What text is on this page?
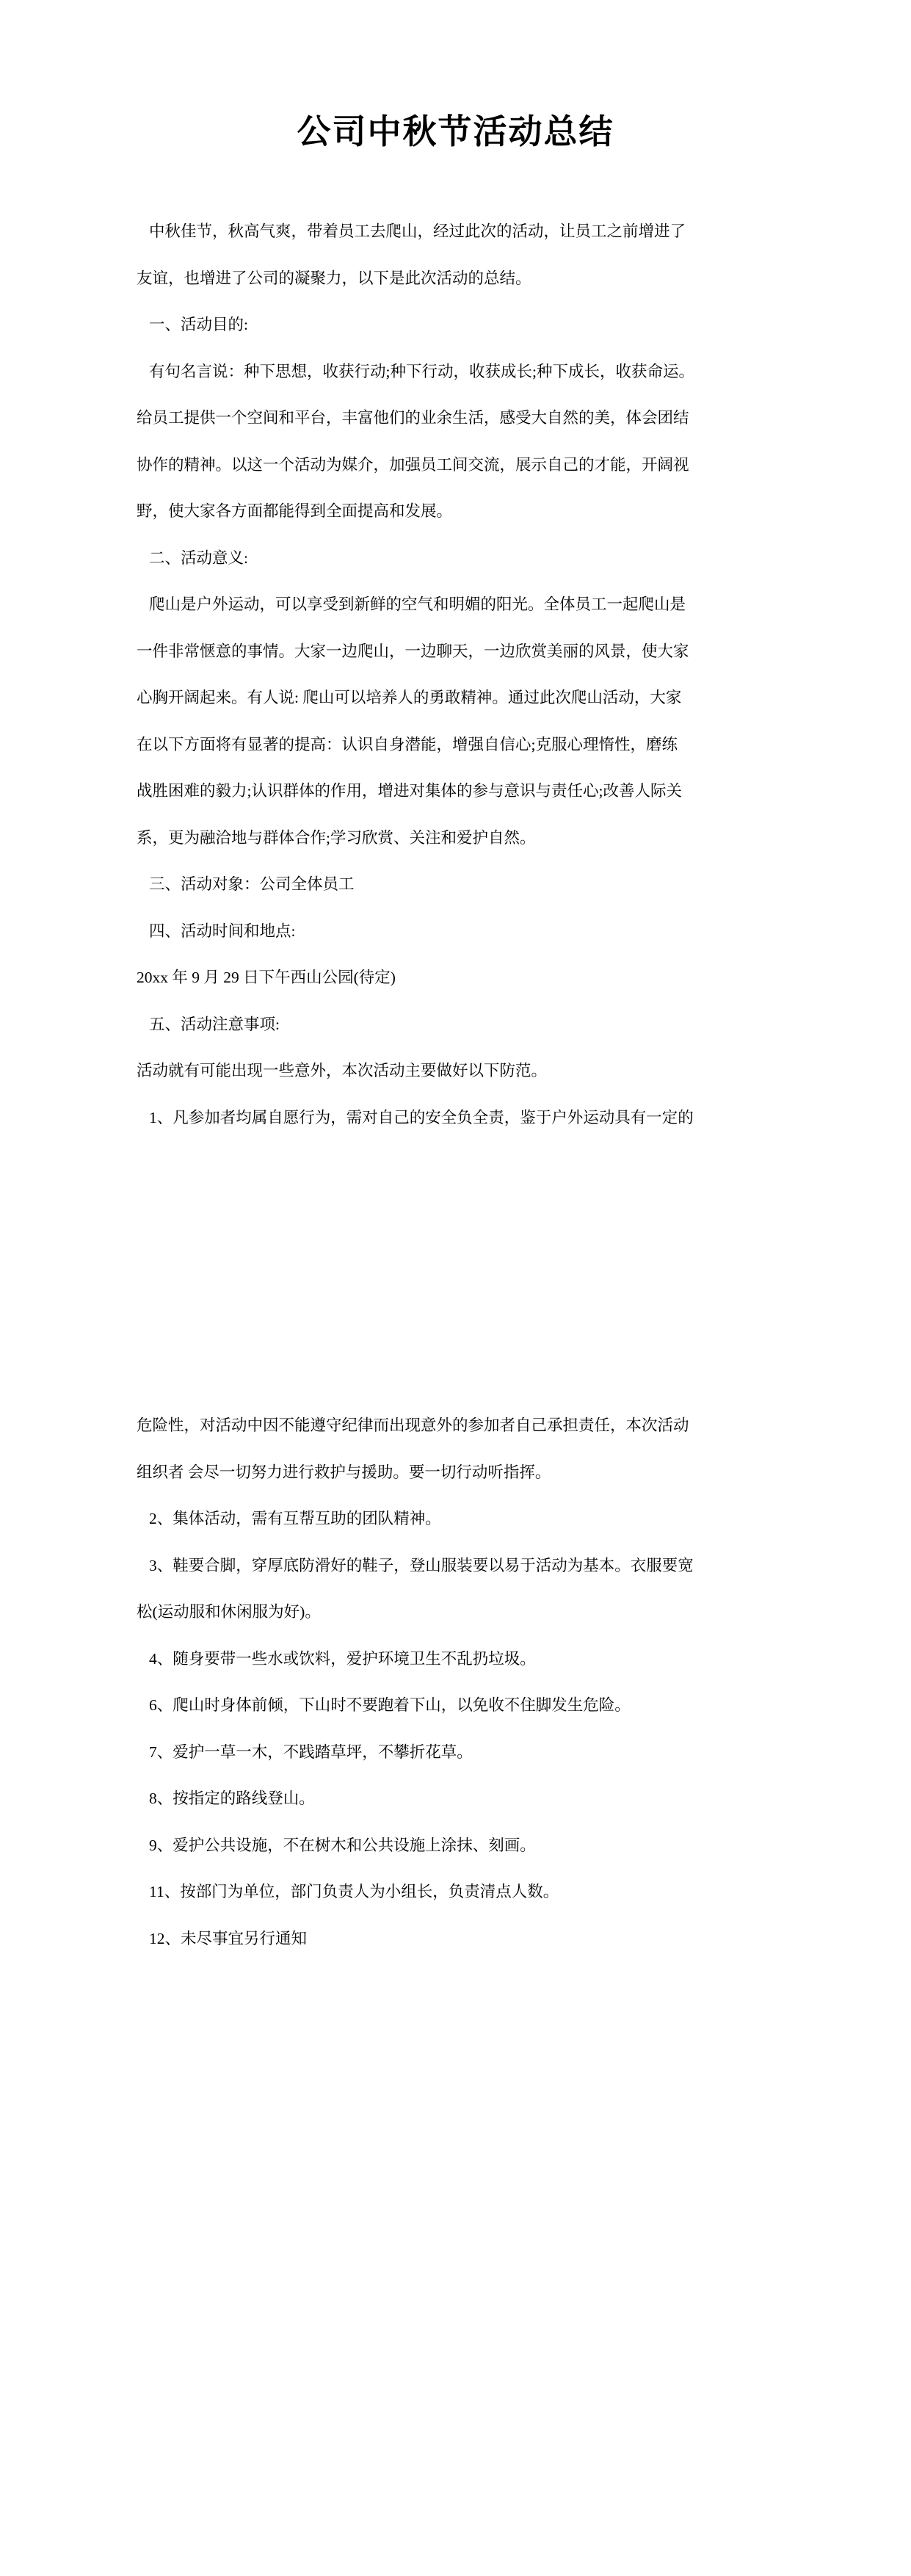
公司中秋节活动总结
中秋佳节，秋高气爽，带着员工去爬山，经过此次的活动，让员工之前增进了
友谊，也增进了公司的凝聚力，以下是此次活动的总结。
一、活动目的:
有句名言说：种下思想，收获行动;种下行动，收获成长;种下成长，收获命运。
给员工提供一个空间和平台，丰富他们的业余生活，感受大自然的美，体会团结
协作的精神。以这一个活动为媒介，加强员工间交流，展示自己的才能，开阔视
野，使大家各方面都能得到全面提高和发展。
二、活动意义:
爬山是户外运动，可以享受到新鲜的空气和明媚的阳光。全体员工一起爬山是
一件非常惬意的事情。大家一边爬山，一边聊天，一边欣赏美丽的风景，使大家
心胸开阔起来。有人说: 爬山可以培养人的勇敢精神。通过此次爬山活动，大家
在以下方面将有显著的提高：认识自身潜能，增强自信心;克服心理惰性，磨练
战胜困难的毅力;认识群体的作用，增进对集体的参与意识与责任心;改善人际关
系，更为融洽地与群体合作;学习欣赏、关注和爱护自然。
三、活动对象：公司全体员工
四、活动时间和地点:
20xx 年 9 月 29 日下午西山公园(待定)
五、活动注意事项:
活动就有可能出现一些意外，本次活动主要做好以下防范。
1、凡参加者均属自愿行为，需对自己的安全负全责，鉴于户外运动具有一定的
危险性，对活动中因不能遵守纪律而出现意外的参加者自己承担责任，本次活动
组织者 会尽一切努力进行救护与援助。要一切行动听指挥。
2、集体活动，需有互帮互助的团队精神。
3、鞋要合脚，穿厚底防滑好的鞋子，登山服装要以易于活动为基本。衣服要宽
松(运动服和休闲服为好)。
4、随身要带一些水或饮料，爱护环境卫生不乱扔垃圾。
6、爬山时身体前倾，下山时不要跑着下山，以免收不住脚发生危险。
7、爱护一草一木，不践踏草坪，不攀折花草。
8、按指定的路线登山。
9、爱护公共设施，不在树木和公共设施上涂抹、刻画。
11、按部门为单位，部门负责人为小组长，负责清点人数。
12、未尽事宜另行通知
